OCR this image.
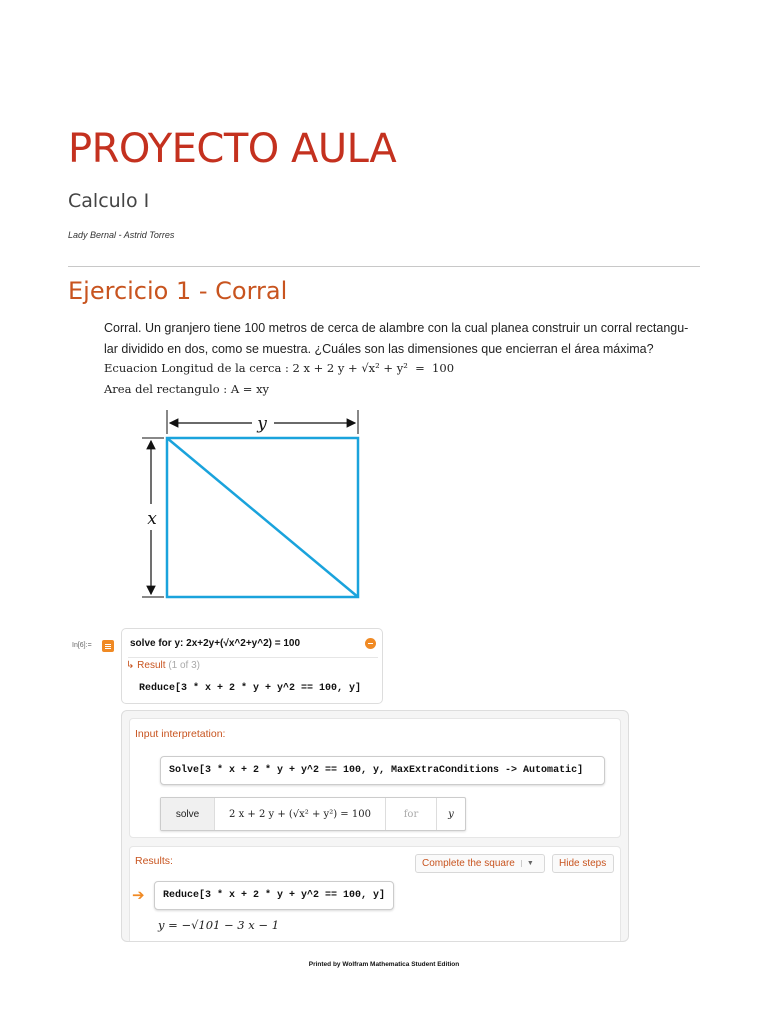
PROYECTO AULA
Calculo I
Lady Bernal - Astrid Torres
Ejercicio 1 - Corral
Corral. Un granjero tiene 100 metros de cerca de alambre con la cual planea construir un corral rectangu- lar dividido en dos, como se muestra. ¿Cuáles son las dimensiones que encierran el área máxima?
Ecuacion Longitud de la cerca : 2 x + 2 y + √x² + y²  =  100
Area del rectangulo : A = xy
y
x
In[6]:=	solve for y: 2x+2y+(√x^2+y^2) = 100
↳ Result (1 of 3)
Reduce[3 * x + 2 * y + y^2 == 100, y]
Input interpretation:
Solve[3 * x + 2 * y + y^2 == 100, y, MaxExtraConditions -> Automatic]
solve	2 x + 2 y + (√x² + y²) = 100	for	y
Results:	Complete the square	▼	Hide steps
➔ Reduce[3 * x + 2 * y + y^2 == 100, y]
y = −√101 − 3 x − 1
Printed by Wolfram Mathematica Student Edition
